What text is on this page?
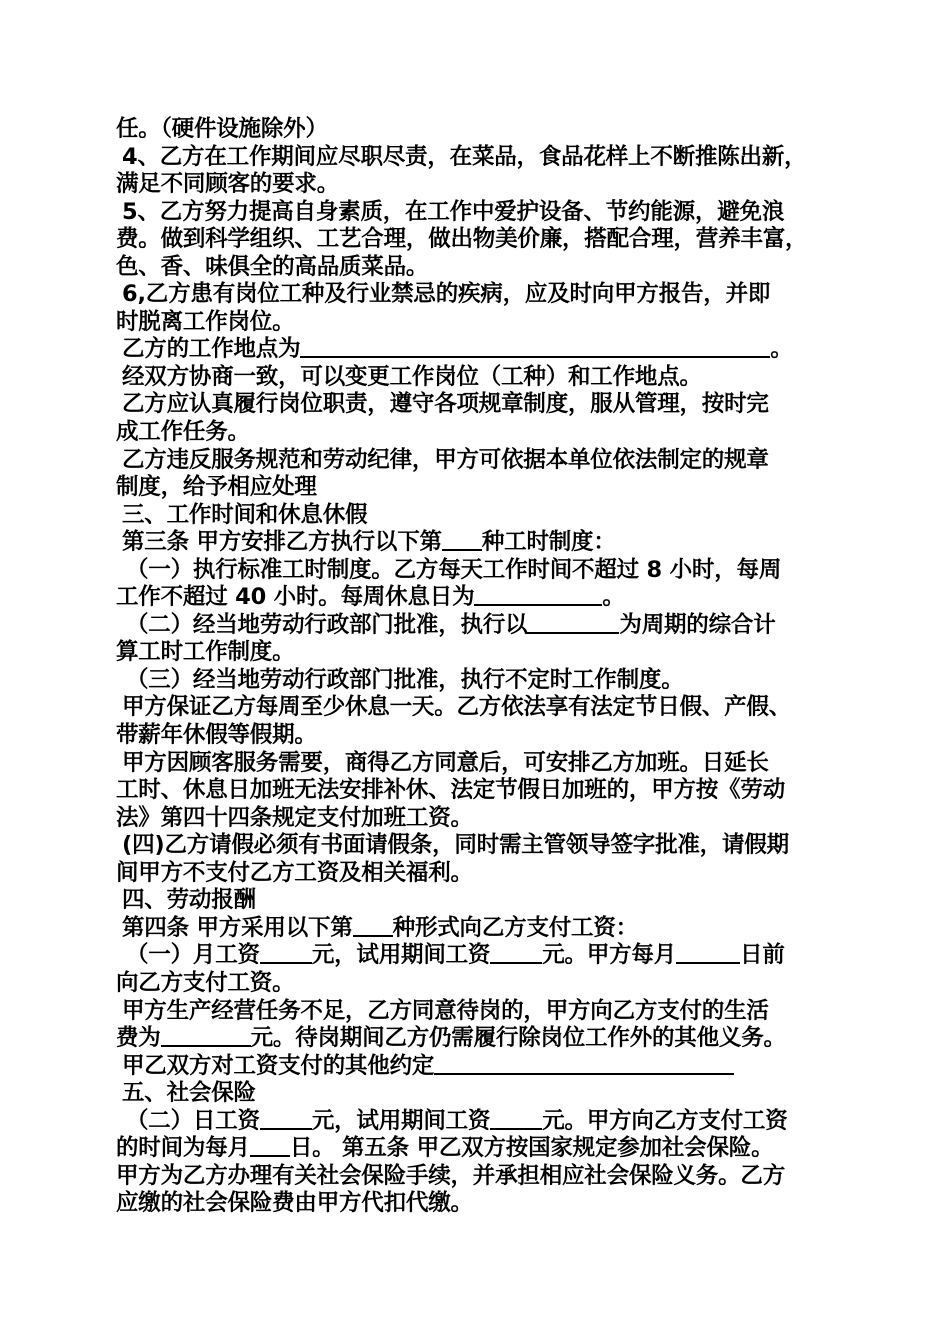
任。（硬件设施除外）
4、乙方在工作期间应尽职尽责，在菜品，食品花样上不断推陈出新，
满足不同顾客的要求。
5、乙方努力提高自身素质，在工作中爱护设备、节约能源，避免浪
费。做到科学组织、工艺合理，做出物美价廉，搭配合理，营养丰富，
色、香、味俱全的高品质菜品。
6,乙方患有岗位工种及行业禁忌的疾病，应及时向甲方报告，并即
时脱离工作岗位。
乙方的工作地点为	。
经双方协商一致，可以变更工作岗位（工种）和工作地点。
乙方应认真履行岗位职责，遵守各项规章制度，服从管理，按时完
成工作任务。
乙方违反服务规范和劳动纪律，甲方可依据本单位依法制定的规章
制度，给予相应处理
三、工作时间和休息休假
第三条 甲方安排乙方执行以下第 种工时制度：
（一）执行标准工时制度。乙方每天工作时间不超过 8 小时，每周
工作不超过 40 小时。每周休息日为	。
（二）经当地劳动行政部门批准，执行以	为周期的综合计
算工时工作制度。
（三）经当地劳动行政部门批准，执行不定时工作制度。
甲方保证乙方每周至少休息一天。乙方依法享有法定节日假、产假、
带薪年休假等假期。
甲方因顾客服务需要，商得乙方同意后，可安排乙方加班。日延长
工时、休息日加班无法安排补休、法定节假日加班的，甲方按《劳动
法》第四十四条规定支付加班工资。
(四)乙方请假必须有书面请假条，同时需主管领导签字批准，请假期
间甲方不支付乙方工资及相关福利。
四、劳动报酬
第四条 甲方采用以下第 种形式向乙方支付工资：
（一）月工资 元，试用期间工资 元。甲方每月	日前
向乙方支付工资。
甲方生产经营任务不足，乙方同意待岗的，甲方向乙方支付的生活
费为	元。待岗期间乙方仍需履行除岗位工作外的其他义务。
甲乙双方对工资支付的其他约定
五、社会保险
（二）日工资 元，试用期间工资 元。甲方向乙方支付工资
的时间为每月 日。 第五条 甲乙双方按国家规定参加社会保险。
甲方为乙方办理有关社会保险手续，并承担相应社会保险义务。乙方
应缴的社会保险费由甲方代扣代缴。
